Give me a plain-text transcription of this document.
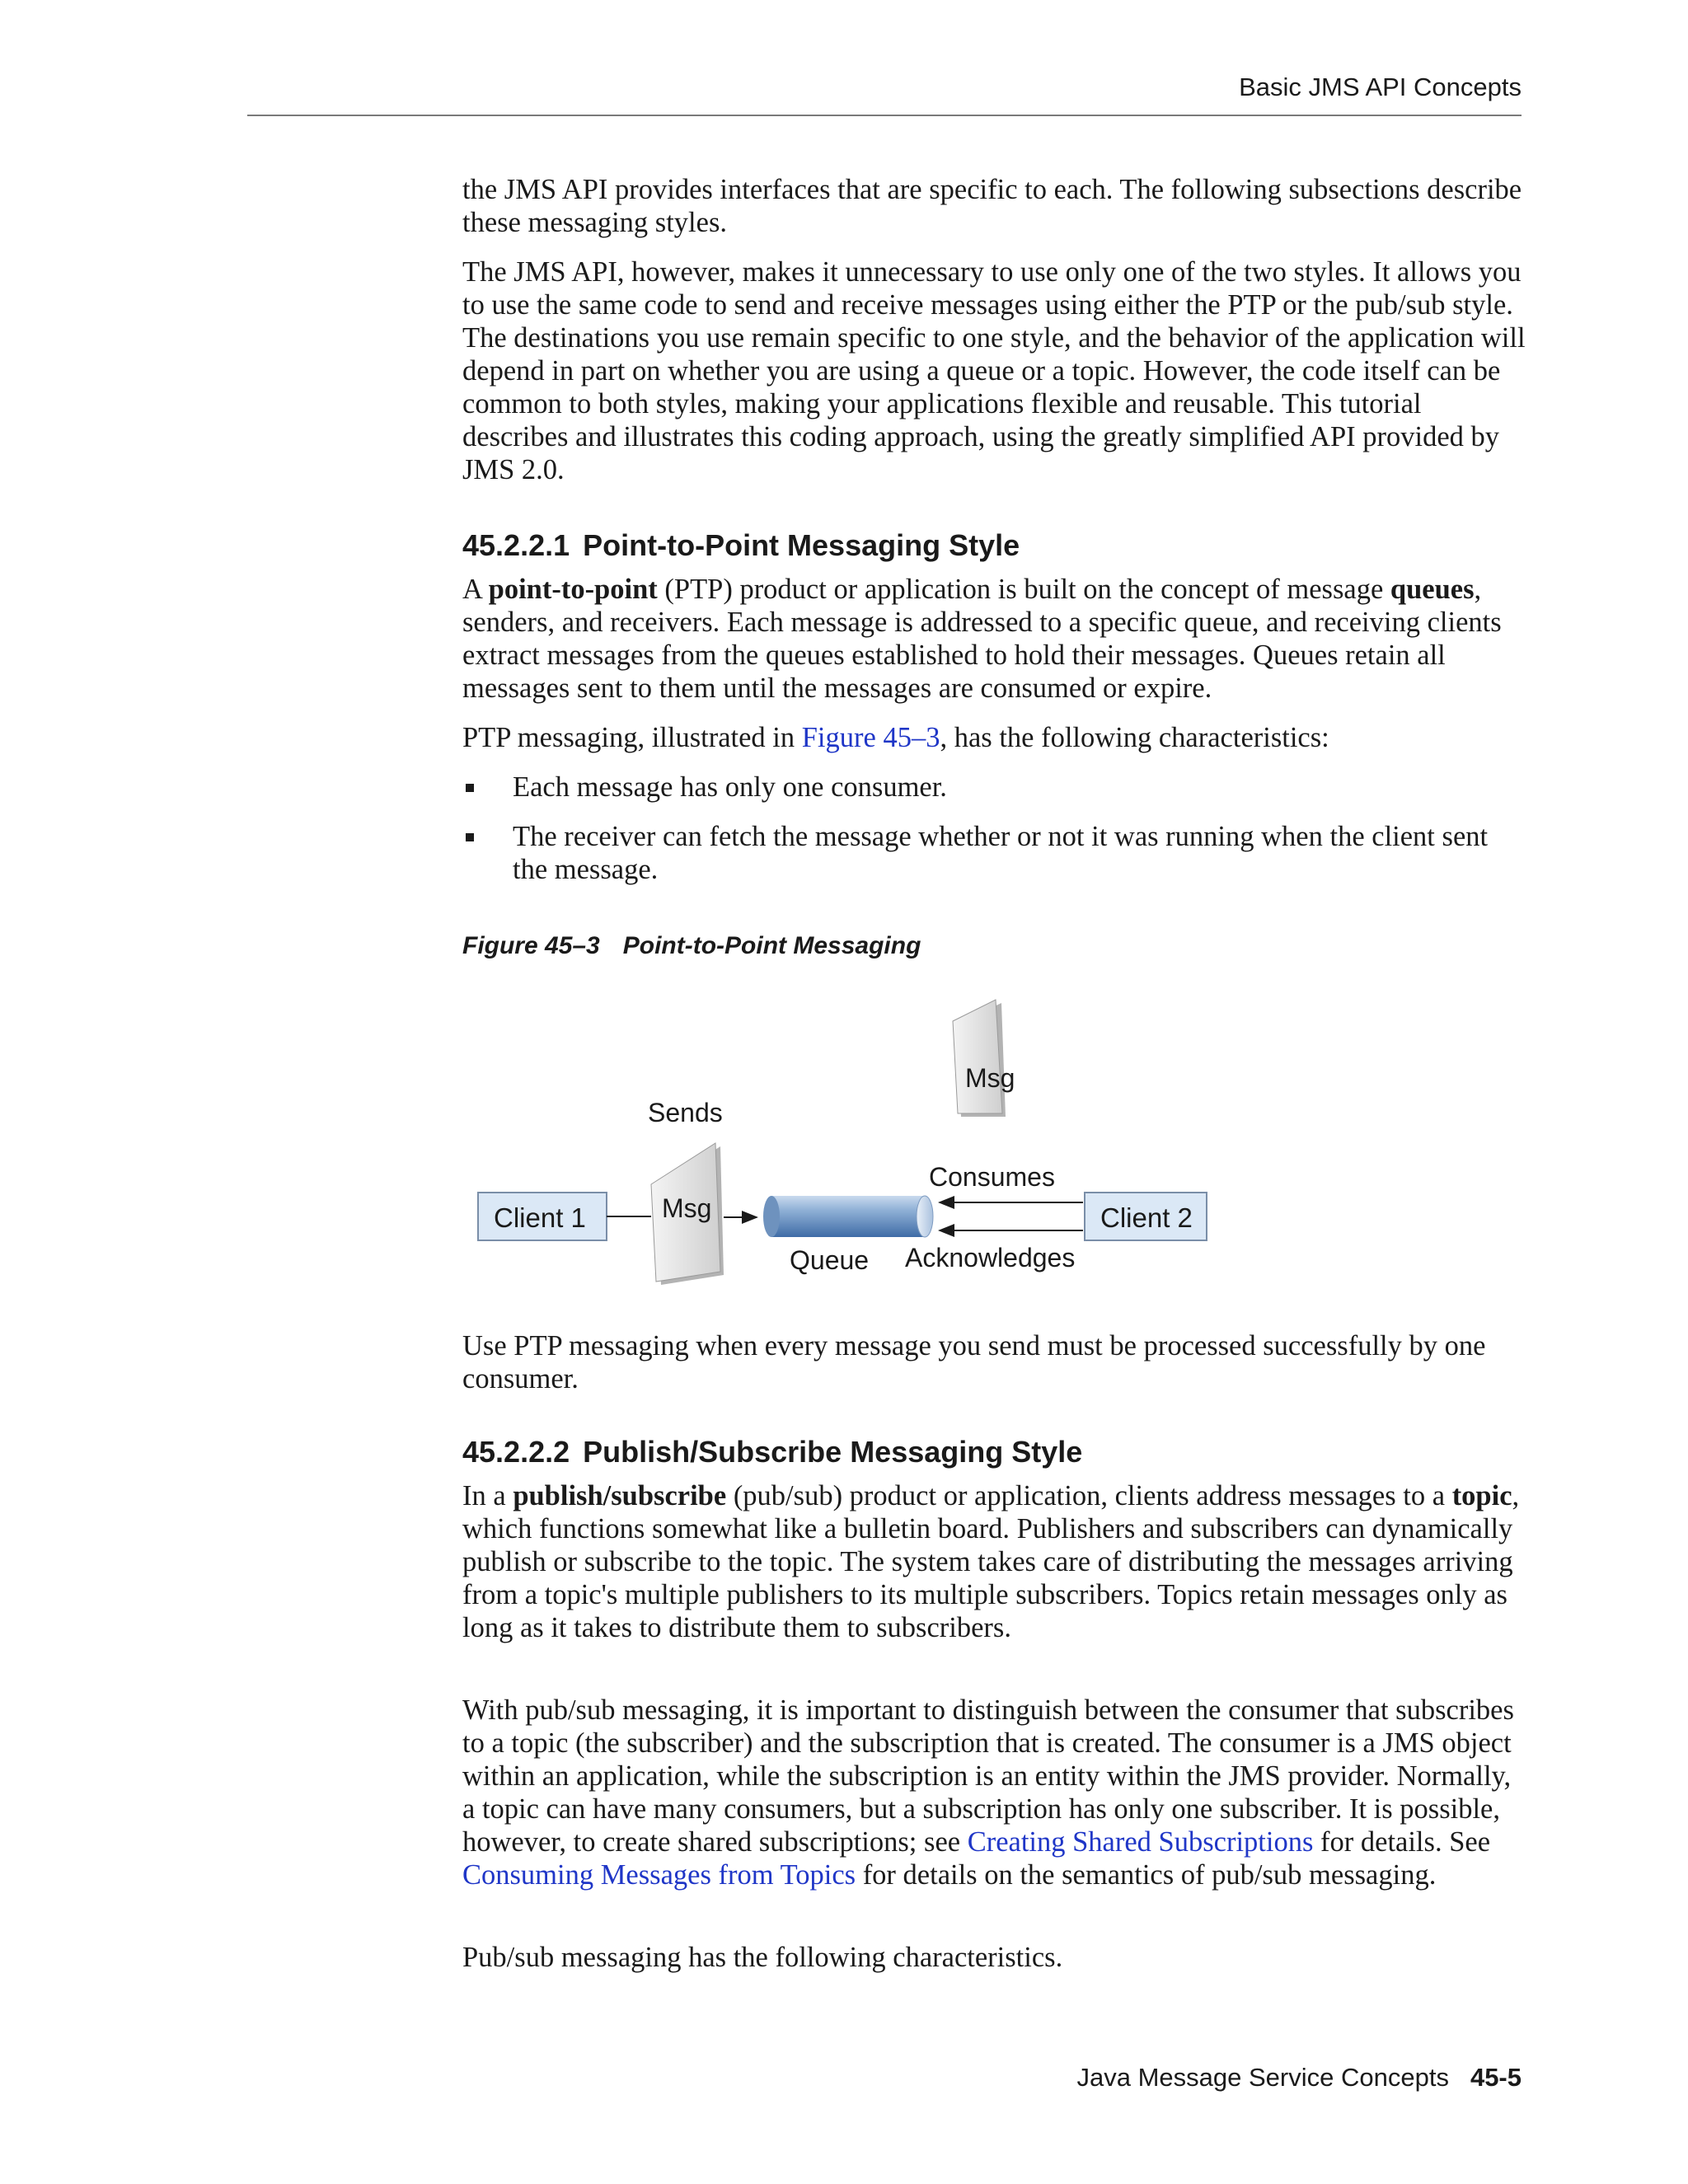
Basic JMS API Concepts

the JMS API provides interfaces that are specific to each. The following subsections describe these messaging styles.

The JMS API, however, makes it unnecessary to use only one of the two styles. It allows you to use the same code to send and receive messages using either the PTP or the pub/sub style. The destinations you use remain specific to one style, and the behavior of the application will depend in part on whether you are using a queue or a topic. However, the code itself can be common to both styles, making your applications flexible and reusable. This tutorial describes and illustrates this coding approach, using the greatly simplified API provided by JMS 2.0.

45.2.2.1 Point-to-Point Messaging Style

A point-to-point (PTP) product or application is built on the concept of message queues, senders, and receivers. Each message is addressed to a specific queue, and receiving clients extract messages from the queues established to hold their messages. Queues retain all messages sent to them until the messages are consumed or expire.

PTP messaging, illustrated in Figure 45–3, has the following characteristics:

Each message has only one consumer.
The receiver can fetch the message whether or not it was running when the client sent the message.

Figure 45–3 Point-to-Point Messaging

Msg
Sends
Client 1	Msg
Queue
Consumes
Acknowledges
Client 2

Use PTP messaging when every message you send must be processed successfully by one consumer.

45.2.2.2 Publish/Subscribe Messaging Style

In a publish/subscribe (pub/sub) product or application, clients address messages to a topic, which functions somewhat like a bulletin board. Publishers and subscribers can dynamically publish or subscribe to the topic. The system takes care of distributing the messages arriving from a topic's multiple publishers to its multiple subscribers. Topics retain messages only as long as it takes to distribute them to subscribers.

With pub/sub messaging, it is important to distinguish between the consumer that subscribes to a topic (the subscriber) and the subscription that is created. The consumer is a JMS object within an application, while the subscription is an entity within the JMS provider. Normally, a topic can have many consumers, but a subscription has only one subscriber. It is possible, however, to create shared subscriptions; see Creating Shared Subscriptions for details. See Consuming Messages from Topics for details on the semantics of pub/sub messaging.

Pub/sub messaging has the following characteristics.

Java Message Service Concepts 45-5
